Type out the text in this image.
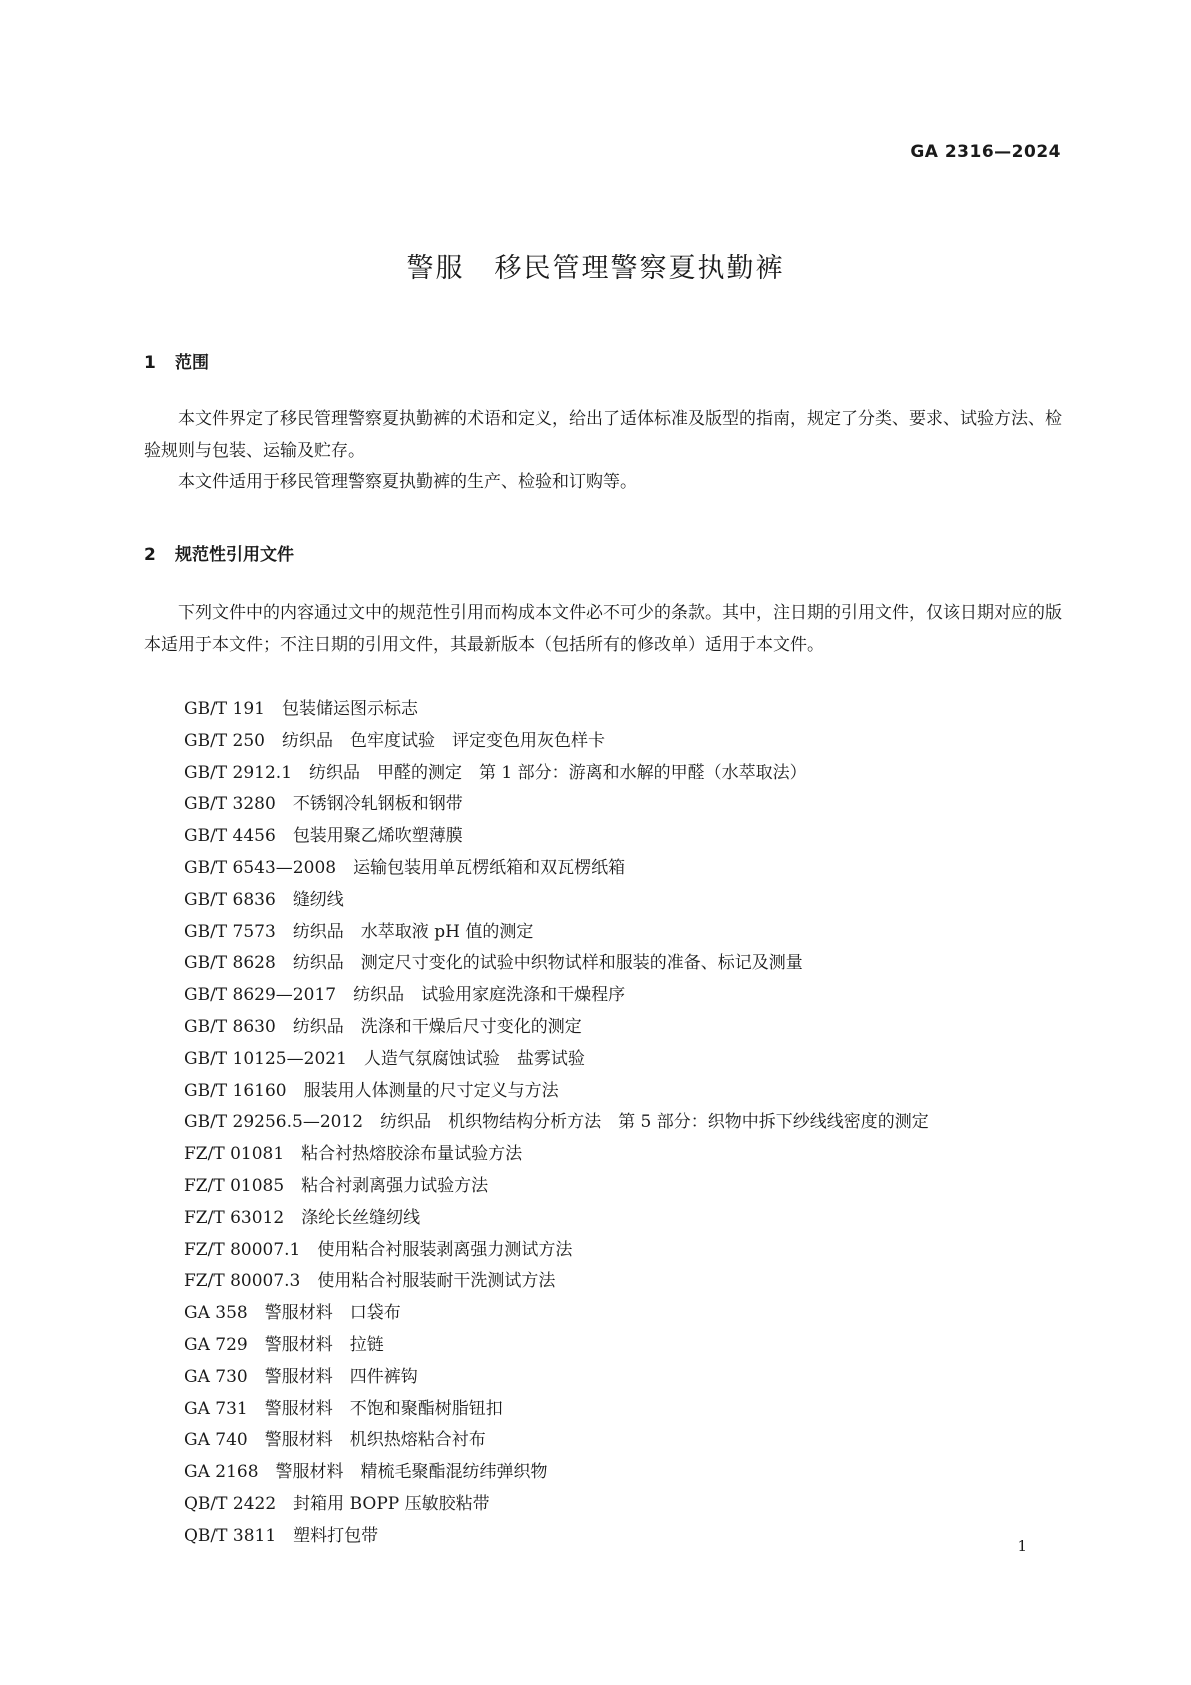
GA 2316—2024
警服 移民管理警察夏执勤裤
1 范围

本文件界定了移民管理警察夏执勤裤的术语和定义，给出了适体标准及版型的指南，规定了分类、要求、试验方法、检验规则与包装、运输及贮存。

本文件适用于移民管理警察夏执勤裤的生产、检验和订购等。

2 规范性引用文件

下列文件中的内容通过文中的规范性引用而构成本文件必不可少的条款。其中，注日期的引用文件，仅该日期对应的版本适用于本文件；不注日期的引用文件，其最新版本（包括所有的修改单）适用于本文件。

GB/T 191 包装储运图示标志
GB/T 250 纺织品　色牢度试验　评定变色用灰色样卡
GB/T 2912.1 纺织品　甲醛的测定　第 1 部分：游离和水解的甲醛（水萃取法）
GB/T 3280 不锈钢冷轧钢板和钢带
GB/T 4456 包装用聚乙烯吹塑薄膜
GB/T 6543—2008 运输包装用单瓦楞纸箱和双瓦楞纸箱
GB/T 6836 缝纫线
GB/T 7573 纺织品　水萃取液 pH 值的测定
GB/T 8628 纺织品　测定尺寸变化的试验中织物试样和服装的准备、标记及测量
GB/T 8629—2017 纺织品　试验用家庭洗涤和干燥程序
GB/T 8630 纺织品　洗涤和干燥后尺寸变化的测定
GB/T 10125—2021 人造气氛腐蚀试验　盐雾试验
GB/T 16160 服装用人体测量的尺寸定义与方法
GB/T 29256.5—2012 纺织品　机织物结构分析方法　第 5 部分：织物中拆下纱线线密度的测定
FZ/T 01081 粘合衬热熔胶涂布量试验方法
FZ/T 01085 粘合衬剥离强力试验方法
FZ/T 63012 涤纶长丝缝纫线
FZ/T 80007.1 使用粘合衬服装剥离强力测试方法
FZ/T 80007.3 使用粘合衬服装耐干洗测试方法
GA 358 警服材料　口袋布
GA 729 警服材料　拉链
GA 730 警服材料　四件裤钩
GA 731 警服材料　不饱和聚酯树脂钮扣
GA 740 警服材料　机织热熔粘合衬布
GA 2168 警服材料　精梳毛聚酯混纺纬弹织物
QB/T 2422 封箱用 BOPP 压敏胶粘带
QB/T 3811 塑料打包带
1
